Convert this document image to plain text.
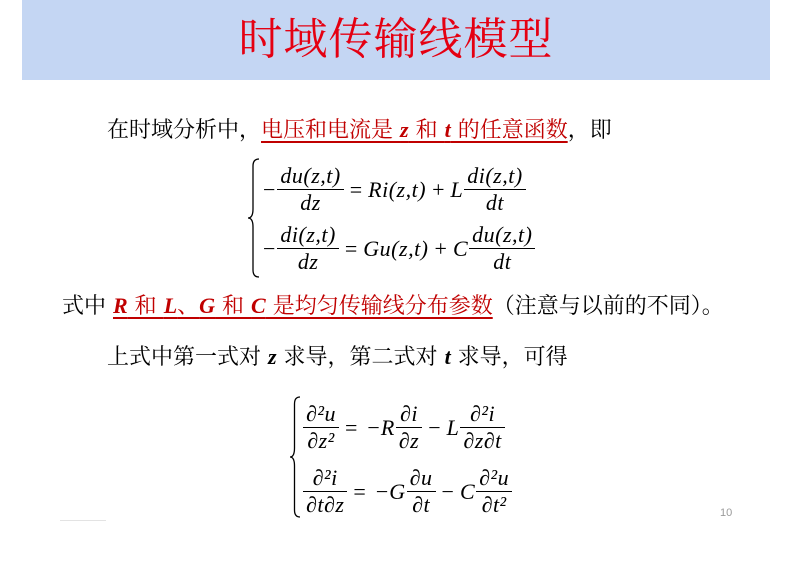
时域传输线模型

在时域分析中，电压和电流是 z 和 t 的任意函数，即

− $\frac{du(z,t)}{dz} = Ri(z,t) + L \frac{di(z,t)}{dt}$
− $\frac{di(z,t)}{dz} = Gu(z,t) + C \frac{du(z,t)}{dt}$

式中 R 和 L、G 和 C 是均匀传输线分布参数（注意与以前的不同）。

上式中第一式对 z 求导，第二式对 t 求导，可得

$\frac{\text{∂²u}}{\text{∂z²}}$ = − R $\frac{\partial i}{\partial z} - L \frac{\text{∂²i}}{\partial z\partial t}$
$\frac{\text{∂²i}}{\partial t\partial z}$ = − G $\frac{\partial u}{\partial t} - C \frac{\text{∂²u}}{\text{∂t²}}$	10
